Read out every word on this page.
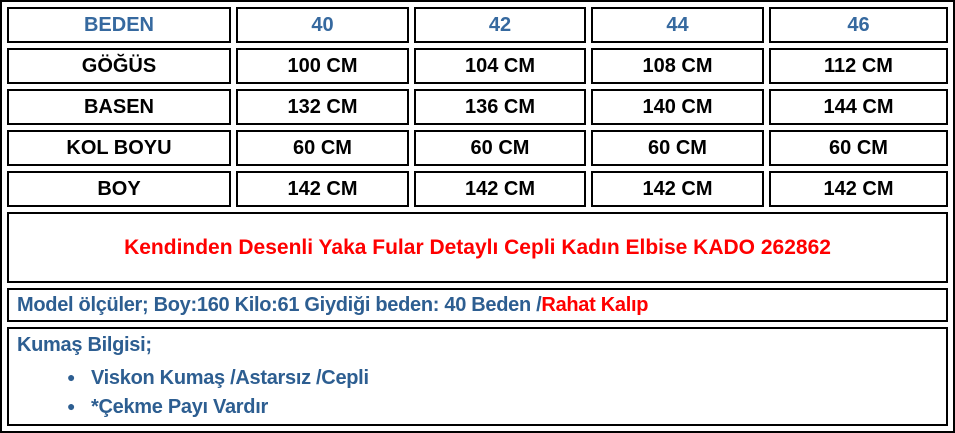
BEDEN	40	42	44	46
GÖĞÜS	100 CM	104 CM	108 CM	112 CM
BASEN	132 CM	136 CM	140 CM	144 CM
KOL BOYU	60 CM	60 CM	60 CM	60 CM
BOY	142 CM	142 CM	142 CM	142 CM
Kendinden Desenli Yaka Fular Detaylı Cepli Kadın Elbise KADO 262862				
Model ölçüler; Boy:160 Kilo:61 Giydiği beden: 40 Beden /Rahat Kalıp				

Kumaş Bilgisi;
● Viskon Kumaş /Astarsız /Cepli
● *Çekme Payı Vardır
